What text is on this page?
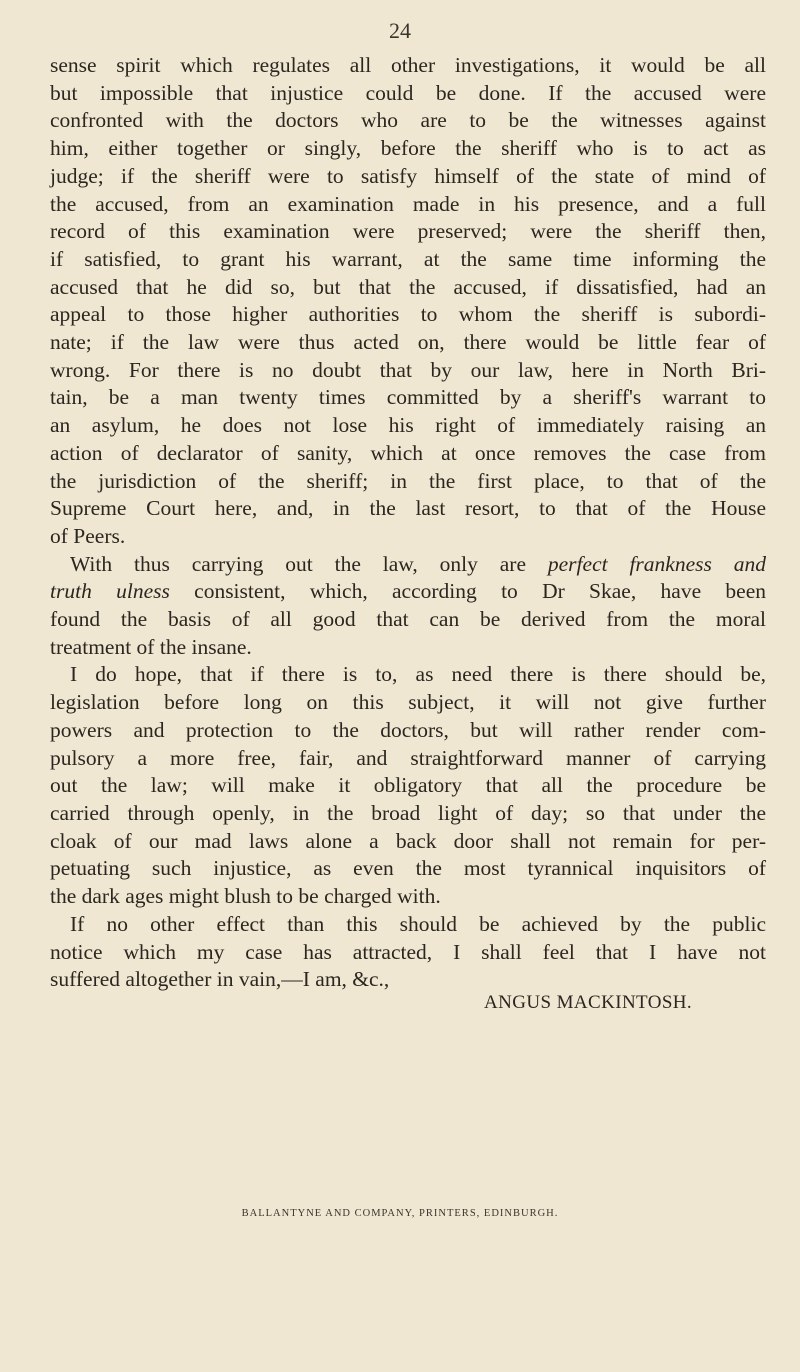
24

sense spirit which regulates all other investigations, it would be all
but impossible that injustice could be done. If the accused were
confronted with the doctors who are to be the witnesses against
him, either together or singly, before the sheriff who is to act as
judge; if the sheriff were to satisfy himself of the state of mind of
the accused, from an examination made in his presence, and a full
record of this examination were preserved; were the sheriff then,
if satisfied, to grant his warrant, at the same time informing the
accused that he did so, but that the accused, if dissatisfied, had an
appeal to those higher authorities to whom the sheriff is subordi-
nate; if the law were thus acted on, there would be little fear of
wrong. For there is no doubt that by our law, here in North Bri-
tain, be a man twenty times committed by a sheriff's warrant to
an asylum, he does not lose his right of immediately raising an
action of declarator of sanity, which at once removes the case from
the jurisdiction of the sheriff; in the first place, to that of the
Supreme Court here, and, in the last resort, to that of the House
of Peers.

With thus carrying out the law, only are perfect frankness and
truth ulness consistent, which, according to Dr Skae, have been
found the basis of all good that can be derived from the moral
treatment of the insane.

I do hope, that if there is to, as need there is there should be,
legislation before long on this subject, it will not give further
powers and protection to the doctors, but will rather render com-
pulsory a more free, fair, and straightforward manner of carrying
out the law; will make it obligatory that all the procedure be
carried through openly, in the broad light of day; so that under the
cloak of our mad laws alone a back door shall not remain for per-
petuating such injustice, as even the most tyrannical inquisitors of
the dark ages might blush to be charged with.

If no other effect than this should be achieved by the public
notice which my case has attracted, I shall feel that I have not
suffered altogether in vain,—I am, &c.,

ANGUS MACKINTOSH.
BALLANTYNE AND COMPANY, PRINTERS, EDINBURGH.
